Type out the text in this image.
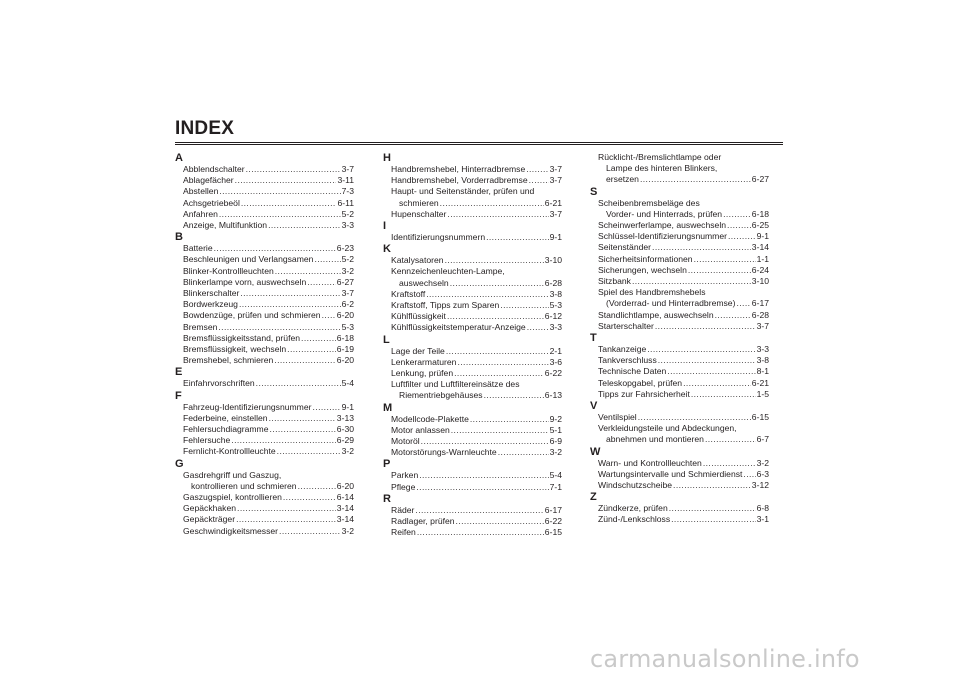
INDEX
A
Abblendschalter .....	3-7
Ablagefächer .....	3-11
Abstellen .....	7-3
Achsgetriebeöl .....	6-11
Anfahren .....	5-2
Anzeige, Multifunktion .....	3-3
B
Batterie .....	6-23
Beschleunigen und Verlangsamen .....	5-2
Blinker-Kontrollleuchten .....	3-2
Blinkerlampe vorn, auswechseln .....	6-27
Blinkerschalter .....	3-7
Bordwerkzeug .....	6-2
Bowdenzüge, prüfen und schmieren ..... 6-20
Bremsen .....	5-3
Bremsflüssigkeitsstand, prüfen .....	6-18
Bremsflüssigkeit, wechseln .....	6-19
Bremshebel, schmieren .....	6-20
E
Einfahrvorschriften .....	5-4
F
Fahrzeug-Identifizierungsnummer .....	9-1
Federbeine, einstellen .....	3-13
Fehlersuchdiagramme .....	6-30
Fehlersuche .....	6-29
Fernlicht-Kontrollleuchte .....	3-2
G
Gasdrehgriff und Gaszug,
kontrollieren und schmieren .....	6-20
Gaszugspiel, kontrollieren .....	6-14
Gepäckhaken .....	3-14
Gepäckträger .....	3-14
Geschwindigkeitsmesser .....	3-2
H
Handbremshebel, Hinterradbremse .....	3-7
Handbremshebel, Vorderradbremse .....	3-7
Haupt- und Seitenständer, prüfen und
schmieren .....	6-21
Hupenschalter .....	3-7
I
Identifizierungsnummern .....	9-1
K
Katalysatoren .....	3-10
Kennzeichenleuchten-Lampe,
auswechseln .....	6-28
Kraftstoff .....	3-8
Kraftstoff, Tipps zum Sparen .....	5-3
Kühlflüssigkeit .....	6-12
Kühlflüssigkeitstemperatur-Anzeige .....	3-3
L
Lage der Teile .....	2-1
Lenkerarmaturen .....	3-6
Lenkung, prüfen .....	6-22
Luftfilter und Luftfiltereinsätze des
Riementriebgehäuses .....	6-13
M
Modellcode-Plakette .....	9-2
Motor anlassen .....	5-1
Motoröl .....	6-9
Motorstörungs-Warnleuchte .....	3-2
P
Parken .....	5-4
Pflege .....	7-1
R
Räder .....	6-17
Radlager, prüfen .....	6-22
Reifen .....	6-15
Rücklicht-/Bremslichtlampe oder
Lampe des hinteren Blinkers,
ersetzen .....	6-27
S
Scheibenbremsbeläge des
Vorder- und Hinterrads, prüfen .....	6-18
Scheinwerferlampe, auswechseln .....	6-25
Schlüssel-Identifizierungsnummer .....	9-1
Seitenständer .....	3-14
Sicherheitsinformationen .....	1-1
Sicherungen, wechseln .....	6-24
Sitzbank .....	3-10
Spiel des Handbremshebels
(Vorderrad- und Hinterradbremse) ..... 6-17
Standlichtlampe, auswechseln .....	6-28
Starterschalter .....	3-7
T
Tankanzeige .....	3-3
Tankverschluss .....	3-8
Technische Daten .....	8-1
Teleskopgabel, prüfen .....	6-21
Tipps zur Fahrsicherheit .....	1-5
V
Ventilspiel .....	6-15
Verkleidungsteile und Abdeckungen,
abnehmen und montieren .....	6-7
W
Warn- und Kontrollleuchten .....	3-2
Wartungsintervalle und Schmierdienst ..... 6-3
Windschutzscheibe .....	3-12
Z
Zündkerze, prüfen .....	6-8
Zünd-/Lenkschloss .....	3-1
carmanualsonline.info
